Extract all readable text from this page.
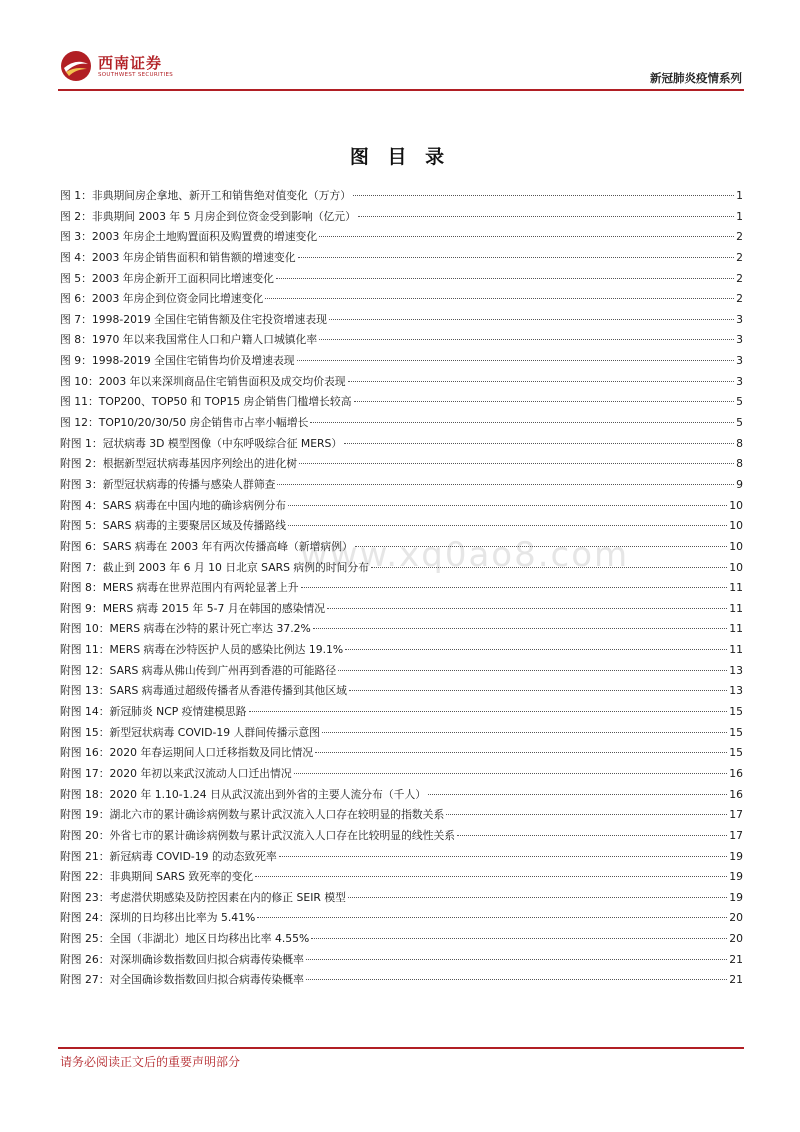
西南证券
SOUTHWEST SECURITIES	新冠肺炎疫情系列
www.xq0ao8.com
图 目 录
图 1：非典期间房企拿地、新开工和销售绝对值变化（万方）	1
图 2：非典期间 2003 年 5 月房企到位资金受到影响（亿元）	1
图 3：2003 年房企土地购置面积及购置费的增速变化	2
图 4：2003 年房企销售面积和销售额的增速变化	2
图 5：2003 年房企新开工面积同比增速变化	2
图 6：2003 年房企到位资金同比增速变化	2
图 7：1998-2019 全国住宅销售额及住宅投资增速表现	3
图 8：1970 年以来我国常住人口和户籍人口城镇化率	3
图 9：1998-2019 全国住宅销售均价及增速表现	3
图 10：2003 年以来深圳商品住宅销售面积及成交均价表现	3
图 11：TOP200、TOP50 和 TOP15 房企销售门槛增长较高	5
图 12：TOP10/20/30/50 房企销售市占率小幅增长	5
附图 1：冠状病毒 3D 模型图像（中东呼吸综合征 MERS）	8
附图 2：根据新型冠状病毒基因序列绘出的进化树	8
附图 3：新型冠状病毒的传播与感染人群筛查	9
附图 4：SARS 病毒在中国内地的确诊病例分布	10
附图 5：SARS 病毒的主要聚居区域及传播路线	10
附图 6：SARS 病毒在 2003 年有两次传播高峰（新增病例）	10
附图 7：截止到 2003 年 6 月 10 日北京 SARS 病例的时间分布	10
附图 8：MERS 病毒在世界范围内有两轮显著上升	11
附图 9：MERS 病毒 2015 年 5-7 月在韩国的感染情况	11
附图 10：MERS 病毒在沙特的累计死亡率达 37.2%	11
附图 11：MERS 病毒在沙特医护人员的感染比例达 19.1%	11
附图 12：SARS 病毒从佛山传到广州再到香港的可能路径	13
附图 13：SARS 病毒通过超级传播者从香港传播到其他区域	13
附图 14：新冠肺炎 NCP 疫情建模思路	15
附图 15：新型冠状病毒 COVID-19 人群间传播示意图	15
附图 16：2020 年春运期间人口迁移指数及同比情况	15
附图 17：2020 年初以来武汉流动人口迁出情况	16
附图 18：2020 年 1.10-1.24 日从武汉流出到外省的主要人流分布（千人）	16
附图 19：湖北六市的累计确诊病例数与累计武汉流入人口存在较明显的指数关系	17
附图 20：外省七市的累计确诊病例数与累计武汉流入人口存在比较明显的线性关系	17
附图 21：新冠病毒 COVID-19 的动态致死率	19
附图 22：非典期间 SARS 致死率的变化	19
附图 23：考虑潜伏期感染及防控因素在内的修正 SEIR 模型	19
附图 24：深圳的日均移出比率为 5.41%	20
附图 25：全国（非湖北）地区日均移出比率 4.55%	20
附图 26：对深圳确诊数指数回归拟合病毒传染概率	21
附图 27：对全国确诊数指数回归拟合病毒传染概率	21
请务必阅读正文后的重要声明部分
